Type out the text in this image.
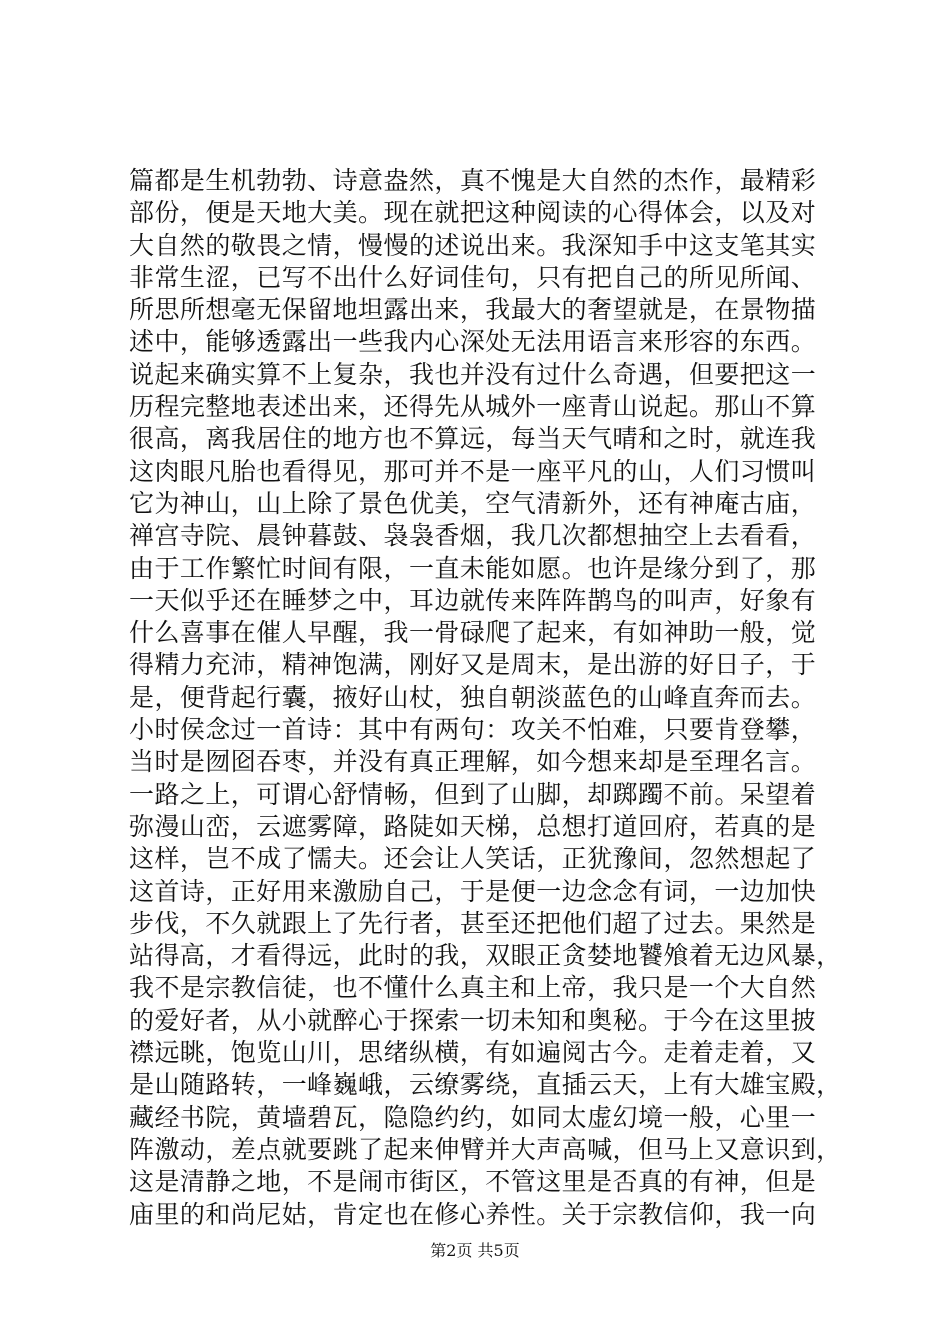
篇都是生机勃勃、诗意盎然，真不愧是大自然的杰作，最精彩
部份，便是天地大美。现在就把这种阅读的心得体会，以及对
大自然的敬畏之情，慢慢的述说出来。我深知手中这支笔其实
非常生涩，已写不出什么好词佳句，只有把自己的所见所闻、
所思所想毫无保留地坦露出来，我最大的奢望就是，在景物描
述中，能够透露出一些我内心深处无法用语言来形容的东西。
说起来确实算不上复杂，我也并没有过什么奇遇，但要把这一
历程完整地表述出来，还得先从城外一座青山说起。那山不算
很高，离我居住的地方也不算远，每当天气晴和之时，就连我
这肉眼凡胎也看得见，那可并不是一座平凡的山，人们习惯叫
它为神山，山上除了景色优美，空气清新外，还有神庵古庙，
禅宫寺院、晨钟暮鼓、袅袅香烟，我几次都想抽空上去看看，
由于工作繁忙时间有限，一直未能如愿。也许是缘分到了，那
一天似乎还在睡梦之中，耳边就传来阵阵鹊鸟的叫声，好象有
什么喜事在催人早醒，我一骨碌爬了起来，有如神助一般，觉
得精力充沛，精神饱满，刚好又是周末，是出游的好日子，于
是，便背起行囊，掖好山杖，独自朝淡蓝色的山峰直奔而去。
小时侯念过一首诗：其中有两句：攻关不怕难，只要肯登攀，
当时是囫囵吞枣，并没有真正理解，如今想来却是至理名言。
一路之上，可谓心舒情畅，但到了山脚，却踯躅不前。呆望着
弥漫山峦，云遮雾障，路陡如天梯，总想打道回府，若真的是
这样，岂不成了懦夫。还会让人笑话，正犹豫间，忽然想起了
这首诗，正好用来激励自己，于是便一边念念有词，一边加快
步伐，不久就跟上了先行者，甚至还把他们超了过去。果然是
站得高，才看得远，此时的我，双眼正贪婪地饕飧着无边风暴，
我不是宗教信徒，也不懂什么真主和上帝，我只是一个大自然
的爱好者，从小就醉心于探索一切未知和奥秘。于今在这里披
襟远眺，饱览山川，思绪纵横，有如遍阅古今。走着走着，又
是山随路转，一峰巍峨，云缭雾绕，直插云天，上有大雄宝殿，
藏经书院，黄墙碧瓦，隐隐约约，如同太虚幻境一般，心里一
阵激动，差点就要跳了起来伸臂并大声高喊，但马上又意识到，
这是清静之地，不是闹市街区，不管这里是否真的有神，但是
庙里的和尚尼姑，肯定也在修心养性。关于宗教信仰，我一向
第2页 共5页
